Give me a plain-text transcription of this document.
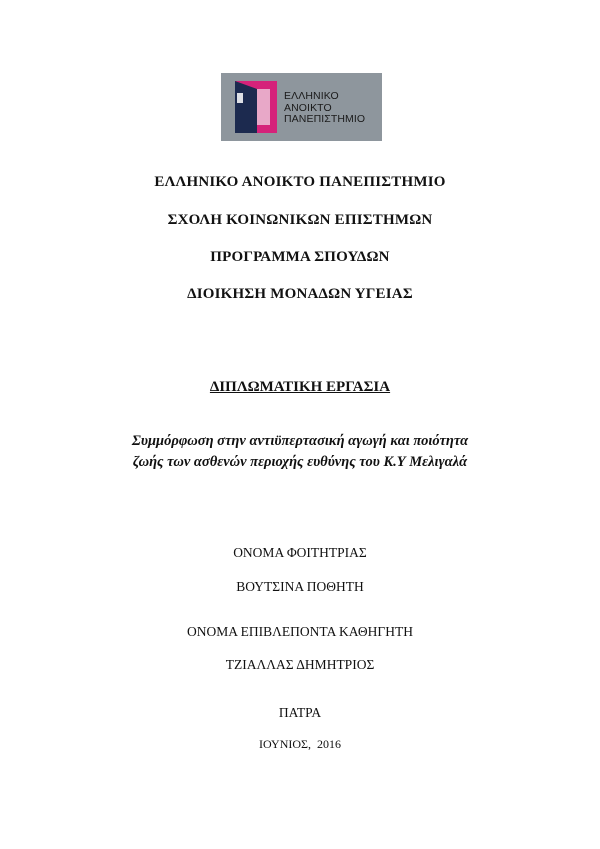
ΕΛΛΗΝΙΚΟ
ΑΝΟΙΚΤΟ
ΠΑΝΕΠΙΣΤΗΜΙΟ
ΕΛΛΗΝΙΚΟ ΑΝΟΙΚΤΟ ΠΑΝΕΠΙΣΤΗΜΙΟ
ΣΧΟΛΗ ΚΟΙΝΩΝΙΚΩΝ ΕΠΙΣΤΗΜΩΝ
ΠΡΟΓΡΑΜΜΑ ΣΠΟΥΔΩΝ
ΔΙΟΙΚΗΣΗ ΜΟΝΑΔΩΝ ΥΓΕΙΑΣ
ΔΙΠΛΩΜΑΤΙΚΗ ΕΡΓΑΣΙΑ
Συμμόρφωση στην αντιϋπερτασική αγωγή και ποιότητα
ζωής των ασθενών περιοχής ευθύνης του Κ.Υ Μελιγαλά
ΟΝΟΜΑ ΦΟΙΤΗΤΡΙΑΣ
ΒΟΥΤΣΙΝΑ ΠΟΘΗΤΗ
ΟΝΟΜΑ ΕΠΙΒΛΕΠΟΝΤΑ ΚΑΘΗΓΗΤΗ
ΤΖΙΑΛΛΑΣ ΔΗΜΗΤΡΙΟΣ
ΠΑΤΡΑ
ΙΟΥΝΙΟΣ,  2016
